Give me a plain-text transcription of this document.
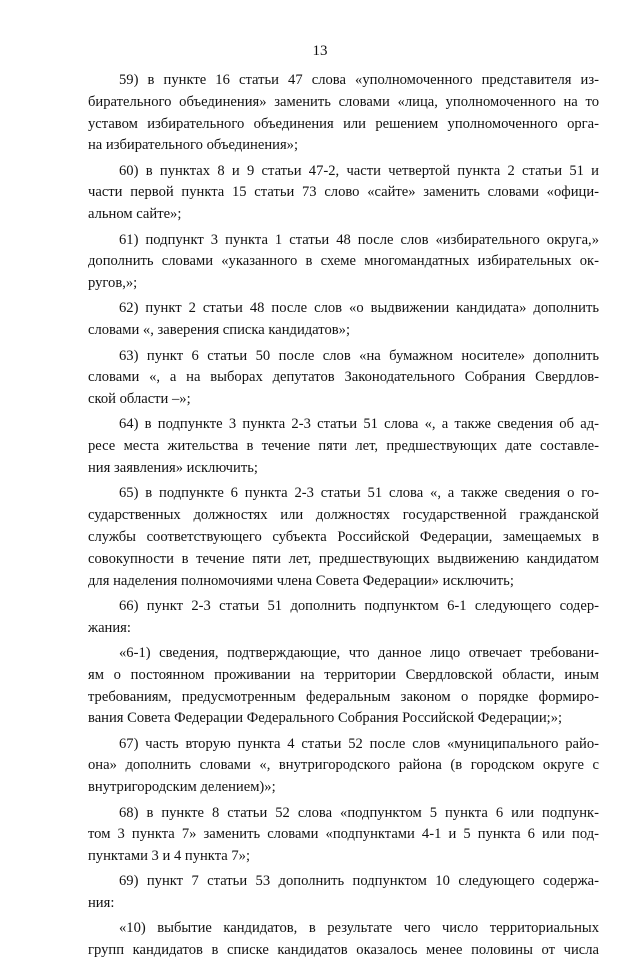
13
59) в пункте 16 статьи 47 слова «уполномоченного представителя из-
бирательного объединения» заменить словами «лица, уполномоченного на то
уставом избирательного объединения или решением уполномоченного орга-
на избирательного объединения»;
60) в пунктах 8 и 9 статьи 47-2, части четвертой пункта 2 статьи 51 и
части первой пункта 15 статьи 73 слово «сайте» заменить словами «офици-
альном сайте»;
61) подпункт 3 пункта 1 статьи 48 после слов «избирательного округа,»
дополнить словами «указанного в схеме многомандатных избирательных ок-
ругов,»;
62) пункт 2 статьи 48 после слов «о выдвижении кандидата» дополнить
словами «, заверения списка кандидатов»;
63) пункт 6 статьи 50 после слов «на бумажном носителе» дополнить
словами «, а на выборах депутатов Законодательного Собрания Свердлов-
ской области –»;
64) в подпункте 3 пункта 2-3 статьи 51 слова «, а также сведения об ад-
ресе места жительства в течение пяти лет, предшествующих дате составле-
ния заявления» исключить;
65) в подпункте 6 пункта 2-3 статьи 51 слова «, а также сведения о го-
сударственных должностях или должностях государственной гражданской
службы соответствующего субъекта Российской Федерации, замещаемых в
совокупности в течение пяти лет, предшествующих выдвижению кандидатом
для наделения полномочиями члена Совета Федерации» исключить;
66) пункт 2-3 статьи 51 дополнить подпунктом 6-1 следующего содер-
жания:
«6-1) сведения, подтверждающие, что данное лицо отвечает требовани-
ям о постоянном проживании на территории Свердловской области, иным
требованиям, предусмотренным федеральным законом о порядке формиро-
вания Совета Федерации Федерального Собрания Российской Федерации;»;
67) часть вторую пункта 4 статьи 52 после слов «муниципального райо-
она» дополнить словами «, внутригородского района (в городском округе с
внутригородским делением)»;
68) в пункте 8 статьи 52 слова «подпунктом 5 пункта 6 или подпунк-
том 3 пункта 7» заменить словами «подпунктами 4-1 и 5 пункта 6 или под-
пунктами 3 и 4 пункта 7»;
69) пункт 7 статьи 53 дополнить подпунктом 10 следующего содержа-
ния:
«10) выбытие кандидатов, в результате чего число территориальных
групп кандидатов в списке кандидатов оказалось менее половины от числа
